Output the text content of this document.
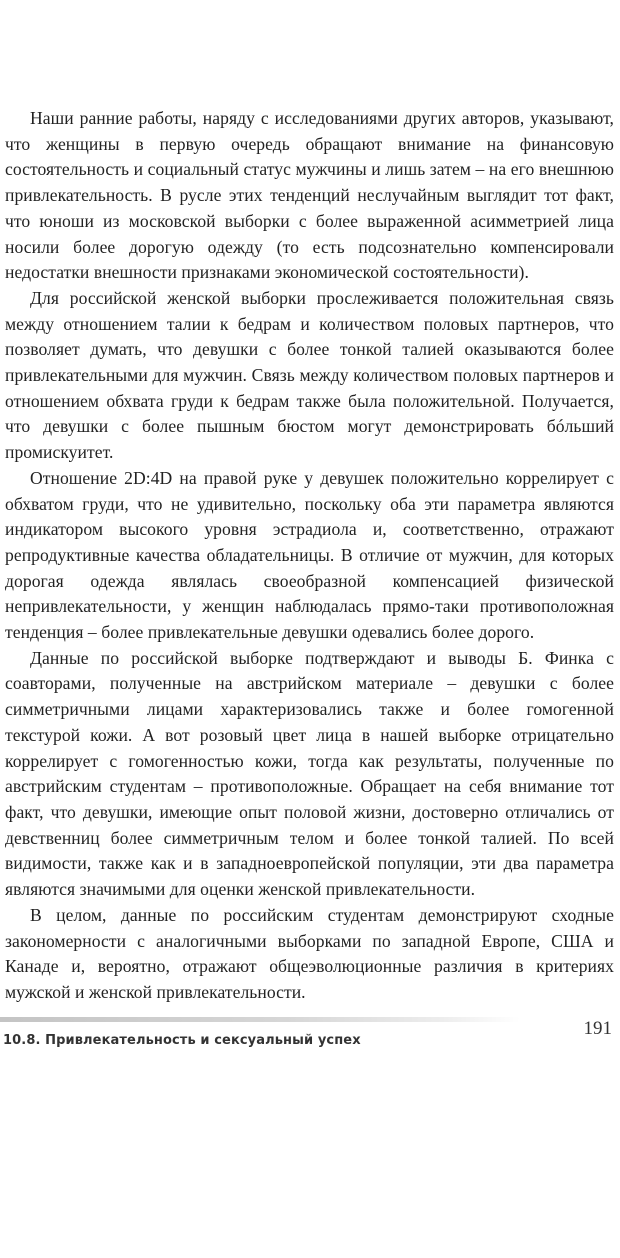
Наши ранние работы, наряду с исследованиями других авторов, указывают, что женщины в первую очередь обращают внимание на финансовую состоятельность и социальный статус мужчины и лишь затем – на его внешнюю привлекательность. В русле этих тенденций неслучайным выглядит тот факт, что юноши из московской выборки с более выраженной асимметрией лица носили более дорогую одежду (то есть подсознательно компенсировали недостатки внешности признаками экономической состоятельности).

Для российской женской выборки прослеживается положительная связь между отношением талии к бедрам и количеством половых партнеров, что позволяет думать, что девушки с более тонкой талией оказываются более привлекательными для мужчин. Связь между количеством половых партнеров и отношением обхвата груди к бедрам также была положительной. Получается, что девушки с более пышным бюстом могут демонстрировать бóльший промискуитет.

Отношение 2D:4D на правой руке у девушек положительно коррелирует с обхватом груди, что не удивительно, поскольку оба эти параметра являются индикатором высокого уровня эстрадиола и, соответственно, отражают репродуктивные качества обладательницы. В отличие от мужчин, для которых дорогая одежда являлась своеобразной компенсацией физической непривлекательности, у женщин наблюдалась прямо-таки противоположная тенденция – более привлекательные девушки одевались более дорого.

Данные по российской выборке подтверждают и выводы Б. Финка с соавторами, полученные на австрийском материале – девушки с более симметричными лицами характеризовались также и более гомогенной текстурой кожи. А вот розовый цвет лица в нашей выборке отрицательно коррелирует с гомогенностью кожи, тогда как результаты, полученные по австрийским студентам – противоположные. Обращает на себя внимание тот факт, что девушки, имеющие опыт половой жизни, достоверно отличались от девственниц более симметричным телом и более тонкой талией. По всей видимости, также как и в западноевропейской популяции, эти два параметра являются значимыми для оценки женской привлекательности.

В целом, данные по российским студентам демонстрируют сходные закономерности с аналогичными выборками по западной Европе, США и Канаде и, вероятно, отражают общеэволюционные различия в критериях мужской и женской привлекательности.

10.8. Привлекательность и сексуальный успех
191
